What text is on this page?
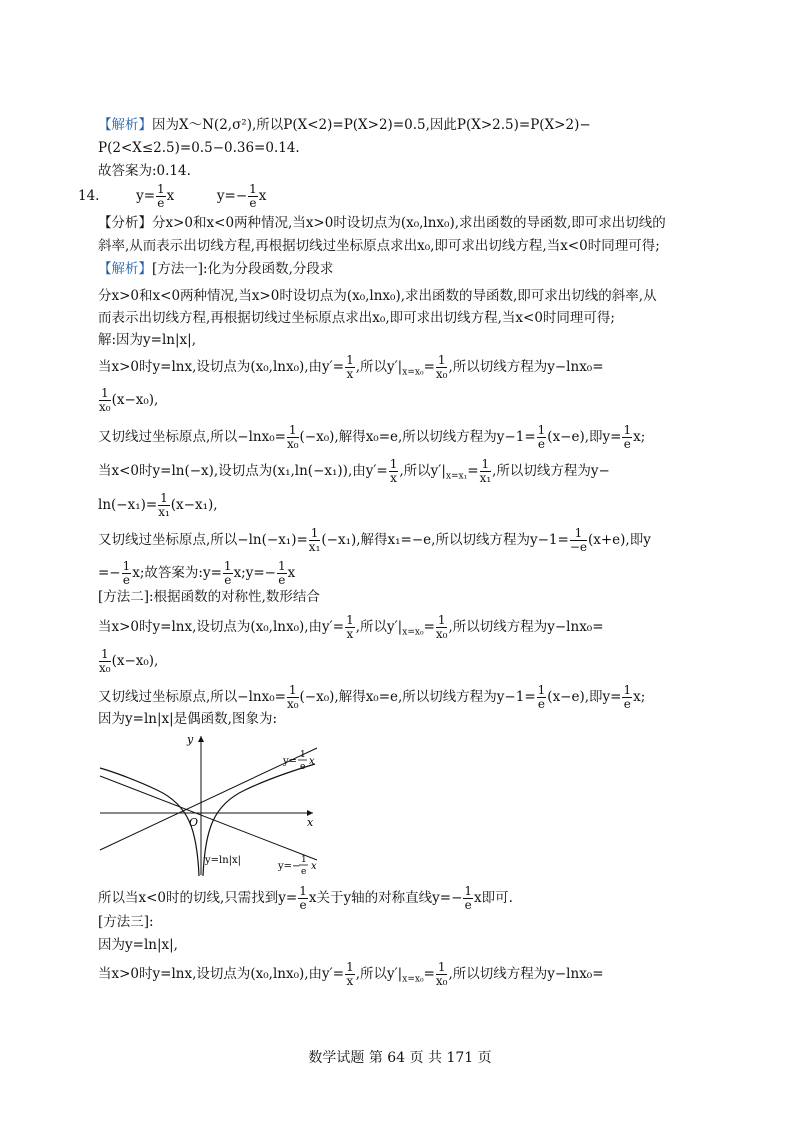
【解析】因为X～N(2,σ²),所以P(X<2)=P(X>2)=0.5,因此P(X>2.5)=P(X>2)−
P(2<X≤2.5)=0.5−0.36=0.14.
故答案为:0.14.
14.	$y= \frac{1}{e}$ x	$y=- \frac{1}{e}$ x
【分析】分x>0和x<0两种情况,当x>0时设切点为(x₀,lnx₀),求出函数的导函数,即可求出切线的
斜率,从而表示出切线方程,再根据切线过坐标原点求出x₀,即可求出切线方程,当x<0时同理可得;
【解析】[方法一]:化为分段函数,分段求
分x>0和x<0两种情况,当x>0时设切点为(x₀,lnx₀),求出函数的导函数,即可求出切线的斜率,从
而表示出切线方程,再根据切线过坐标原点求出x₀,即可求出切线方程,当x<0时同理可得;
解:因为y=ln|x|,
当x>0时y=lnx,设切点为(x₀,lnx₀),由$y'= \frac{1}{x}$ ,所以$y'|_{x=x_0}= \frac{1}{\text{x₀}}$ ,所以切线方程为y−lnx₀=
$\frac{1}{\text{x₀}} (x-x_0)$,
又切线过坐标原点,所以$-\ln x_0= \frac{1}{\text{x₀}} (-x_0)$,解得x₀=e,所以切线方程为$y-1= \frac{1}{e} (x-e)$,即$y= \frac{1}{e} x$;
当x<0时y=ln(−x),设切点为(x₁,ln(−x₁)),由$y'= \frac{1}{x}$ ,所以$y'|_{x=x_1}= \frac{1}{\text{x₁}}$ ,所以切线方程为y−
$\ln(-x_1)= \frac{1}{\text{x₁}} (x-x_1)$,
又切线过坐标原点,所以$-\ln(-x_1)= \frac{1}{\text{x₁}} (-x_1)$,解得x₁=−e,所以切线方程为$y-1= \frac{1}{-e} (x+e)$,即y
=− $\frac{1}{e} x$;故答案为:y= $\frac{1}{e}$ x;y=− $\frac{1}{e}$ x
[方法二]:根据函数的对称性,数形结合
当x>0时y=lnx,设切点为(x₀,lnx₀),由$y'= \frac{1}{x}$ ,所以$y'|_{x=x_0}= \frac{1}{\text{x₀}}$ ,所以切线方程为y−lnx₀=
$\frac{1}{\text{x₀}} (x-x_0)$,
又切线过坐标原点,所以$-\ln x_0= \frac{1}{\text{x₀}} (-x_0)$,解得x₀=e,所以切线方程为$y-1= \frac{1}{e} (x-e)$,即$y= \frac{1}{e} x$;
因为y=ln|x|是偶函数,图象为:
y
x
O
y=ln|x|
y=
1
e x
y=−
1
e x
所以当x<0时的切线,只需找到$y= \frac{1}{e}$ x关于y轴的对称直线$y=- \frac{1}{e}$ x即可.
[方法三]:
因为y=ln|x|,
当x>0时y=lnx,设切点为(x₀,lnx₀),由$y'= \frac{1}{x}$ ,所以$y'|_{x=x_0}= \frac{1}{\text{x₀}}$ ,所以切线方程为y−lnx₀=
数学试题 第 64 页 共 171 页
